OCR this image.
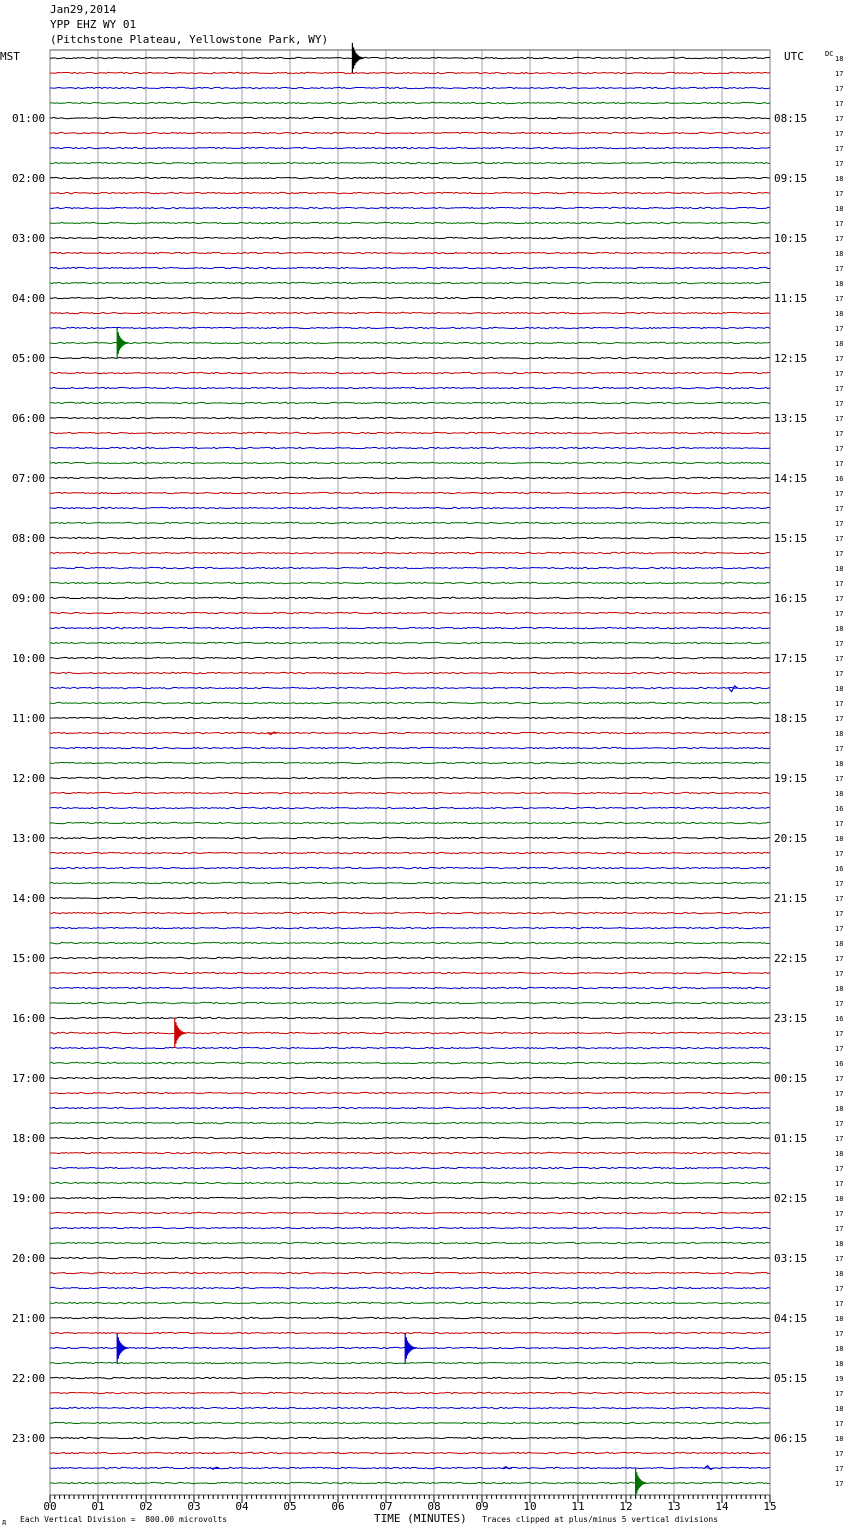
Jan29,2014
YPP EHZ WY 01
(Pitchstone Plateau, Yellowstone Park, WY)
MST	UTC	DC
01:00
02:00
03:00
04:00
05:00
06:00
07:00
08:00
09:00
10:00
11:00
12:00
13:00
14:00
15:00
16:00
17:00
18:00
19:00
20:00
21:00
22:00
23:00
08:15
09:15
10:15
11:15
12:15
13:15
14:15
15:15
16:15
17:15
18:15
19:15
20:15
21:15
22:15
23:15
00:15
01:15
02:15
03:15
04:15
05:15
06:15
18
17
17
17
17
17
17
17
18
17
18
17
17
18
17
18
17
18
17
18
17
17
17
17
17
17
17
17
16
17
17
17
17
17
18
17
17
17
18
17
17
17
18
17
17
18
17
18
17
18
16
17
18
17
16
17
17
17
17
18
17
17
18
17
16
17
17
16
17
17
18
17
17
18
17
17
18
17
17
18
17
18
17
17
18
17
18
18
19
17
18
17
18
17
17
17
00	01	02	03	04	05	06	07	08	09	10	11	12	13	14	15
Each Vertical Division =  800.00 microvolts	TIME (MINUTES) Traces clipped at plus/minus 5 vertical divisions
д
